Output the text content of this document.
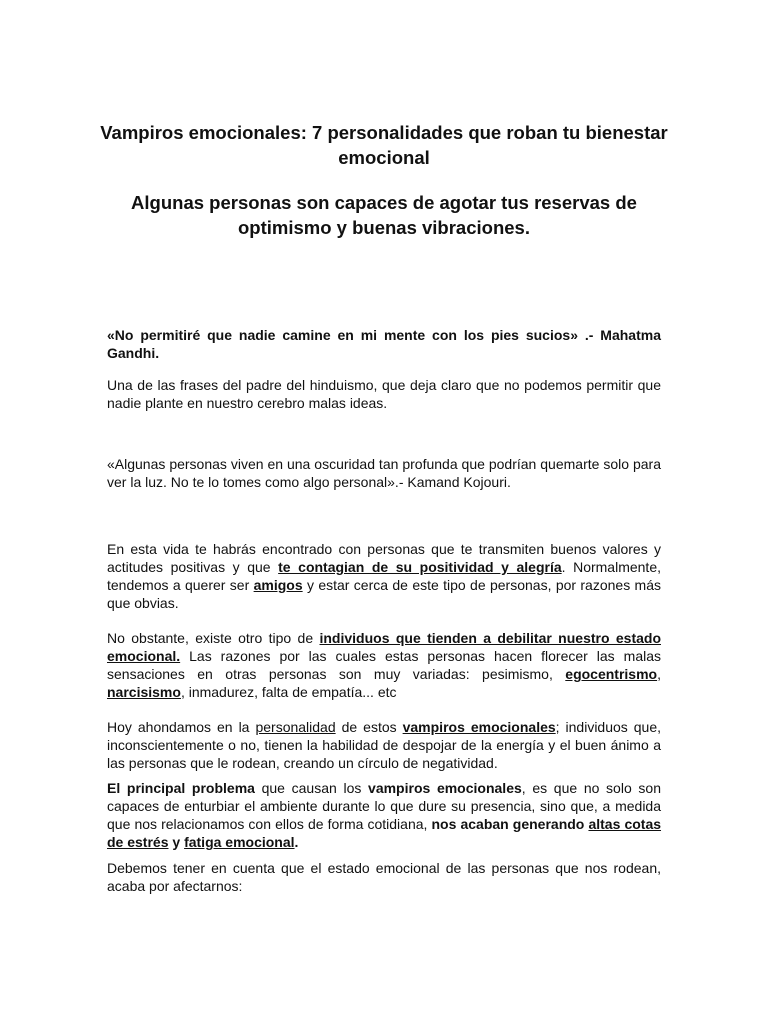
Vampiros emocionales: 7 personalidades que roban tu bienestar emocional
Algunas personas son capaces de agotar tus reservas de optimismo y buenas vibraciones.

«No permitiré que nadie camine en mi mente con los pies sucios» .- Mahatma Gandhi.

Una de las frases del padre del hinduismo, que deja claro que no podemos permitir que nadie plante en nuestro cerebro malas ideas.

«Algunas personas viven en una oscuridad tan profunda que podrían quemarte solo para ver la luz. No te lo tomes como algo personal».- Kamand Kojouri.

En esta vida te habrás encontrado con personas que te transmiten buenos valores y actitudes positivas y que te contagian de su positividad y alegría. Normalmente, tendemos a querer ser amigos y estar cerca de este tipo de personas, por razones más que obvias.

No obstante, existe otro tipo de individuos que tienden a debilitar nuestro estado emocional. Las razones por las cuales estas personas hacen florecer las malas sensaciones en otras personas son muy variadas: pesimismo, egocentrismo, narcisismo, inmadurez, falta de empatía... etc

Hoy ahondamos en la personalidad de estos vampiros emocionales; individuos que, inconscientemente o no, tienen la habilidad de despojar de la energía y el buen ánimo a las personas que le rodean, creando un círculo de negatividad.

El principal problema que causan los vampiros emocionales, es que no solo son capaces de enturbiar el ambiente durante lo que dure su presencia, sino que, a medida que nos relacionamos con ellos de forma cotidiana, nos acaban generando altas cotas de estrés y fatiga emocional.

Debemos tener en cuenta que el estado emocional de las personas que nos rodean, acaba por afectarnos:
